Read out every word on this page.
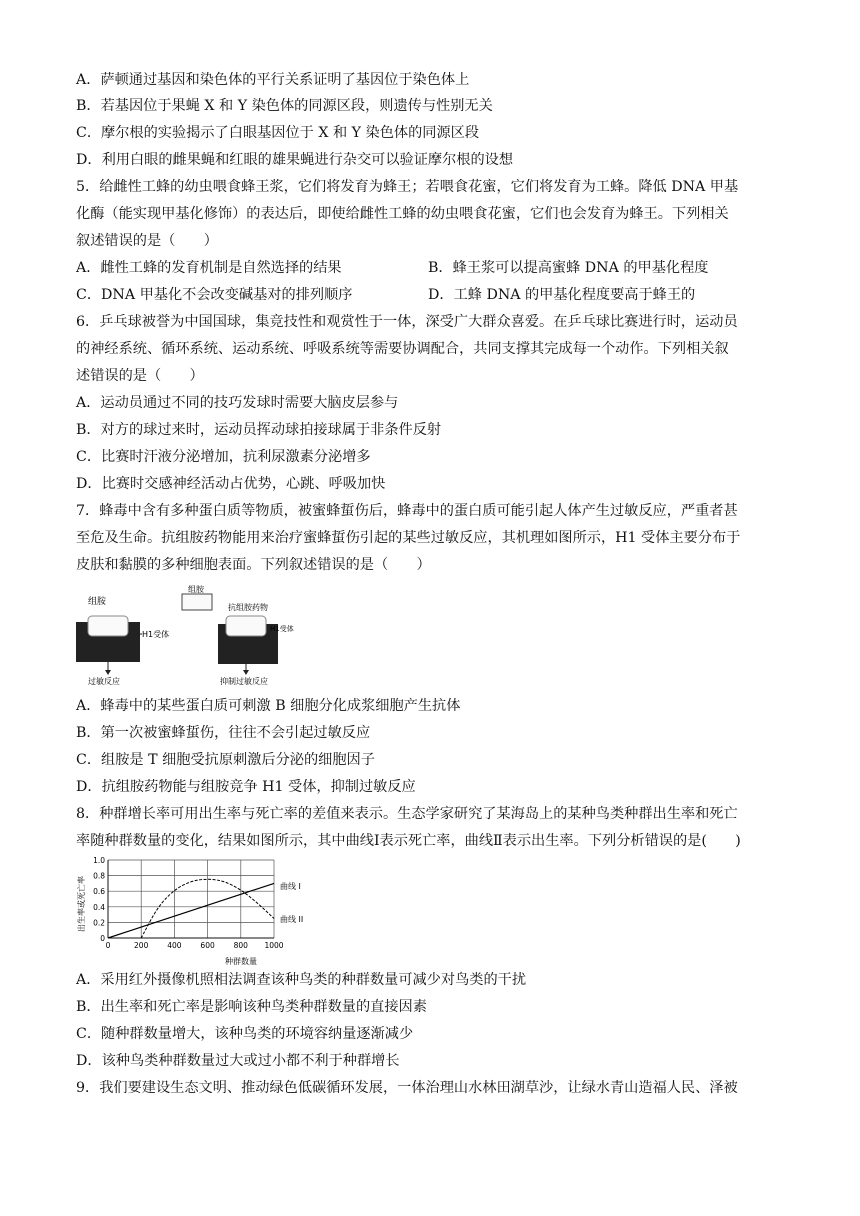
A．萨顿通过基因和染色体的平行关系证明了基因位于染色体上
B．若基因位于果蝇 X 和 Y 染色体的同源区段，则遗传与性别无关
C．摩尔根的实验揭示了白眼基因位于 X 和 Y 染色体的同源区段
D．利用白眼的雌果蝇和红眼的雄果蝇进行杂交可以验证摩尔根的设想
5．给雌性工蜂的幼虫喂食蜂王浆，它们将发育为蜂王；若喂食花蜜，它们将发育为工蜂。降低 DNA 甲基
化酶（能实现甲基化修饰）的表达后，即使给雌性工蜂的幼虫喂食花蜜，它们也会发育为蜂王。下列相关
叙述错误的是（　　）
A．雌性工蜂的发育机制是自然选择的结果	B．蜂王浆可以提高蜜蜂 DNA 的甲基化程度
C．DNA 甲基化不会改变碱基对的排列顺序	D．工蜂 DNA 的甲基化程度要高于蜂王的
6．乒乓球被誉为中国国球，集竞技性和观赏性于一体，深受广大群众喜爱。在乒乓球比赛进行时，运动员
的神经系统、循环系统、运动系统、呼吸系统等需要协调配合，共同支撑其完成每一个动作。下列相关叙
述错误的是（　　）
A．运动员通过不同的技巧发球时需要大脑皮层参与
B．对方的球过来时，运动员挥动球拍接球属于非条件反射
C．比赛时汗液分泌增加，抗利尿激素分泌增多
D．比赛时交感神经活动占优势，心跳、呼吸加快
7．蜂毒中含有多种蛋白质等物质，被蜜蜂蜇伤后，蜂毒中的蛋白质可能引起人体产生过敏反应，严重者甚
至危及生命。抗组胺药物能用来治疗蜜蜂蜇伤引起的某些过敏反应，其机理如图所示，H1 受体主要分布于
皮肤和黏膜的多种细胞表面。下列叙述错误的是（　　）
组胺
H1受体
过敏反应
组胺
抗组胺药物
H1受体
抑制过敏反应
A．蜂毒中的某些蛋白质可刺激 B 细胞分化成浆细胞产生抗体
B．第一次被蜜蜂蜇伤，往往不会引起过敏反应
C．组胺是 T 细胞受抗原刺激后分泌的细胞因子
D．抗组胺药物能与组胺竞争 H1 受体，抑制过敏反应
8．种群增长率可用出生率与死亡率的差值来表示。生态学家研究了某海岛上的某种鸟类种群出生率和死亡
率随种群数量的变化，结果如图所示，其中曲线Ⅰ表示死亡率，曲线Ⅱ表示出生率。下列分析错误的是(　　)
0
0.2
0.4
0.6
0.8
1.0
0	200	400	600	800 1000
出生率或死亡率
种群数量
曲线 I
曲线 II
A．采用红外摄像机照相法调查该种鸟类的种群数量可减少对鸟类的干扰
B．出生率和死亡率是影响该种鸟类种群数量的直接因素
C．随种群数量增大，该种鸟类的环境容纳量逐渐减少
D．该种鸟类种群数量过大或过小都不利于种群增长
9．我们要建设生态文明、推动绿色低碳循环发展，一体治理山水林田湖草沙，让绿水青山造福人民、泽被
